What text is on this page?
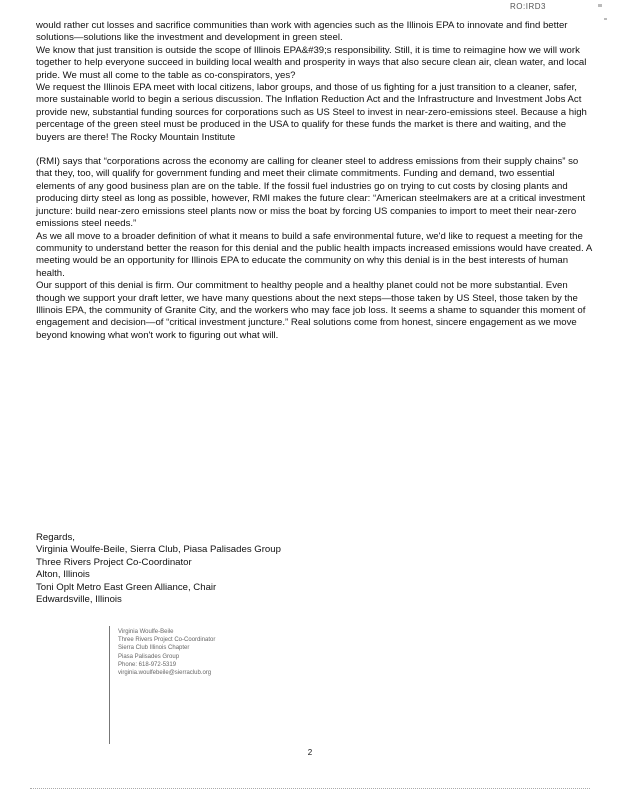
RO:IRD3

would rather cut losses and sacrifice communities than work with agencies such as the Illinois EPA to innovate and find better solutions—solutions like the investment and development in green steel.

We know that just transition is outside the scope of Illinois EPA&#39;s responsibility. Still, it is time to reimagine how we will work together to help everyone succeed in building local wealth and prosperity in ways that also secure clean air, clean water, and local pride. We must all come to the table as co-conspirators, yes?

We request the Illinois EPA meet with local citizens, labor groups, and those of us fighting for a just transition to a cleaner, safer, more sustainable world to begin a serious discussion. The Inflation Reduction Act and the Infrastructure and Investment Jobs Act provide new, substantial funding sources for corporations such as US Steel to invest in near-zero-emissions steel. Because a high percentage of the green steel must be produced in the USA to qualify for these funds the market is there and waiting, and the buyers are there! The Rocky Mountain Institute

(RMI) says that “corporations across the economy are calling for cleaner steel to address emissions from their supply chains” so that they, too, will qualify for government funding and meet their climate commitments. Funding and demand, two essential elements of any good business plan are on the table. If the fossil fuel industries go on trying to cut costs by closing plants and producing dirty steel as long as possible, however, RMI makes the future clear: “American steelmakers are at a critical investment juncture: build near-zero emissions steel plants now or miss the boat by forcing US companies to import to meet their near-zero emissions steel needs.”

As we all move to a broader definition of what it means to build a safe environmental future, we'd like to request a meeting for the community to understand better the reason for this denial and the public health impacts increased emissions would have created. A meeting would be an opportunity for Illinois EPA to educate the community on why this denial is in the best interests of human health.

Our support of this denial is firm. Our commitment to healthy people and a healthy planet could not be more substantial. Even though we support your draft letter, we have many questions about the next steps—those taken by US Steel, those taken by the Illinois EPA, the community of Granite City, and the workers who may face job loss. It seems a shame to squander this moment of engagement and decision—of “critical investment juncture.” Real solutions come from honest, sincere engagement as we move beyond knowing what won't work to figuring out what will.

Regards,
Virginia Woulfe-Beile, Sierra Club, Piasa Palisades Group
Three Rivers Project Co-Coordinator
Alton, Illinois
Toni Oplt Metro East Green Alliance, Chair
Edwardsville, Illinois
Virginia Woulfe-Beile
Three Rivers Project Co-Coordinator
Sierra Club Illinois Chapter
Piasa Palisades Group
Phone: 618-972-5319
virginia.woulfebeile@sierraclub.org
2
